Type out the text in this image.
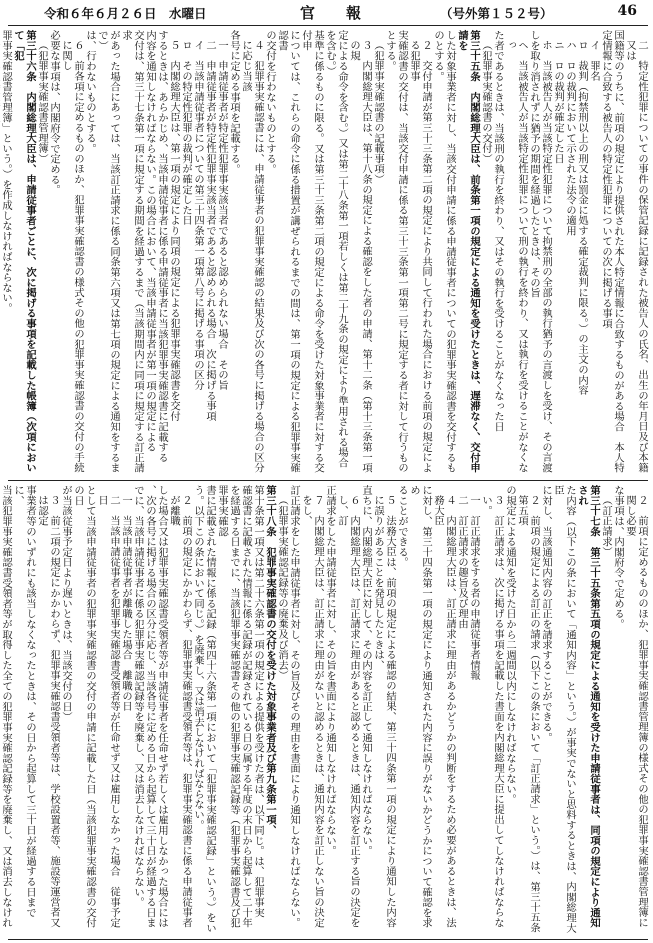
令和６年６月２６日　水曜日	官　報	（号外第１５２号）	46

二　特定性犯罪についての事件の保管記録に記録された被告人の氏名、出生の年月日及び本籍又は

国籍等のうちに、前項の規定により提供された本人特定情報に合致するものがある場合　本人特

定情報に合致する被告人の特定性犯罪についての次に掲げる事項

イ　罪名

ロ　裁判（拘禁刑以上の刑又は罰金に処する確定裁判に限る。）の主文の内容

ハ　ロの裁判において示された法令の適用

ニ　ロの裁判が確定した日

ホ　当該被告人が当該特定性犯罪について拘禁刑の全部の執行猶予の言渡しを受け、その言渡

しを取り消されずに猶予の期間を経過したときは、その旨

ヘ　当該被告人が当該特定性犯罪について刑の執行を終わり、又は執行を受けることがなくなっ

た者であるときは、当該刑の執行を終わり、又はその執行を受けることがなくなった日

（犯罪事実確認書の交付）

第三十五条　内閣総理大臣は、前条第一項の規定による通知を受けたときは、遅滞なく、交付申請を

した対象事業者に対し、当該交付申請に係る申請従事者についての犯罪事実確認書を交付するものとする。

２　交付申請が第三十三条第二項の規定により共同して行われた場合における前項の規定による犯罪事

実確認書の交付は、当該交付申請に係る第三十三条第一項第二号に規定する者に対して行うものとする。

（犯罪事実確認書の記載事項）

３　内閣総理大臣は、第十八条の規定による確認をした者の申請、第十二条（第十三条第一項の規

定による命令を含む。）又は第二十八条第一項若しくは第二十九条の規定により準用される場合を含む。）

基準に係るものに限る。又は第三十三条第二項の規定による命令を受けた対象事業者に対する交付申

については、これらの命令に係る措置が講ぜられるまでの間は、第一項の規定による犯罪事実確認書

の交付を行わないものとする。

４　犯罪事実確認書には、申請従事者の犯罪事実確認の結果及び次の各号に掲げる場合の区分に応じ当該

各号に定める事項を記載する。

一　申請従事者が特定性犯罪事実該当者であると認められない場合　その旨

二　申請従事者が特定性犯罪事実該当者であると認められる場合　次に掲げる事項

イ　当該申請従事者についての第三十四条第一項第八号に掲げる事項の区分

ロ　その特定性犯罪の裁判が確定した日

５　内閣総理大臣は、第一項の規定により同項の規定による犯罪事実確認書を交付

するときは、あらかじめ、当該申請従事者に係る申請従事者に当該犯罪事実確認書に記載する

内容を通知しなければならない。この場合において、当該申請従事者が第一項の規定による

交付は、第三十七条第一項に規定する期間を経過するまで（当該期間内に同項に規定する訂正請求

があった場合にあっては、当該訂正請求に係る同条第六項又は第七項の規定による通知をするまで）

は、行わないものとする。

６　前各項に定めるもののほか、犯罪事実確認書の様式その他の犯罪事実確認書の交付の手続に関し

必要な事項は、内閣府令で定める。

（犯罪事実確認書管理簿）

第三十六条　内閣総理大臣は、申請従事者ごとに、次に掲げる事項を記載した帳簿（次項において「犯

罪事実確認書管理簿」という。）を作成しなければならない。

２　前項に定めるもののほか、犯罪事実確認書管理簿の様式その他の犯罪事実確認書管理簿に関し必要

な事項は、内閣府令で定める。

（訂正請求）

第三十七条　第三十五条第五項の規定による通知を受けた申請従事者は、同項の規定により通知され

た内容（以下この条において「通知内容」という。）が事実でないと思料するときは、内閣総理大臣

に対し、当該通知内容の訂正を請求することができる。

２　前項の規定による訂正の請求（以下この条において「訂正請求」という。）は、第三十五条第五項

の規定による通知を受けた日から二週間以内にしなければならない。

３　訂正請求は、次に掲げる事項を記載した書面を内閣総理大臣に提出してしなければならない。

一　訂正請求をする者の申請従事者情報

二　訂正請求の趣旨及び理由

４　内閣総理大臣は、訂正請求に理由があるかどうかの判断をするため必要があるときは、法務大臣

に対し、第三十四条第一項の規定により通知された内容に誤りがないかどうかについて確認を求め

ることができる。

５　法務大臣は、前項の規定による確認の結果、第三十四条第一項の規定により通知した内容に誤りがあることを発見したときは、

直ちに、内閣総理大臣に対して、その内容を訂正して通知しなければならない。

６　内閣総理大臣は、訂正請求に理由があると認めるときは、通知内容を訂正する旨の決定をし、訂

正請求をした申請従事者に対し、その旨を書面により通知しなければならない。

７　内閣総理大臣は、訂正請求に理由がないと認めるときは、通知内容を訂正しない旨の決定をし、

訂正請求をした申請従事者に対し、その旨及びその理由を書面により通知しなければならない。

（犯罪事実確認記録等の廃棄及び消去）

第三十八条　犯罪事実確認書の交付を受けた対象事業者及び第九条第一項、

第十条第一項又は第二十六条第一項の規定による提供を受けた者は、以下同じ。は、犯罪事実

確認書に記載された情報に係る記録が記録されている日の属する年度の末日から起算して二十年

を経過する日までに、当該犯罪事実確認書その他の犯罪事実確認記録等（犯罪事実確認書及び犯罪事実確認

書に記載された情報に係る記録（第四十六条第一項において「犯罪事実確認記録」という。）をい

う。以下この条において同じ。）を廃棄し、又は消去しなければならない。

２　前項の規定にかかわらず、犯罪事実確認書受領者等は、犯罪事実確認書に係る申請従事者が離職

した場合又は犯罪事実確認書受領者等が申請従事者を任命せず若しくは雇用しなかった場合には

、次の各号に掲げる場合の区分に応じ、当該各号に定める日から起算して三十日が経過する日ま

でに、当該申請従事者に係る犯罪事実確認記録等を廃棄し、又は消去しなければならない。

一　当該申請従事者が離職した場合　離職の日

二　当該申請従事者を犯罪事実確認書受領者等が任命せず又は雇用しなかった場合　従事予定日

として当該申請従事者の犯罪事実確認書の交付の申請に記載した日（当該犯罪事実確認書の交付の日

が当該従事予定日より遅いときは、当該交付の日）

３　前二項の規定にかかわらず、犯罪事実確認書受領者等は、学校設置者等、施設等運営者又は認定

事業者等のいずれにも該当しなくなったときは、その日から起算して三十日が経過する日までに、

当該犯罪事実確認書受領者等が取得した全ての犯罪事実確認記録等を廃棄し、又は消去しなけれ
